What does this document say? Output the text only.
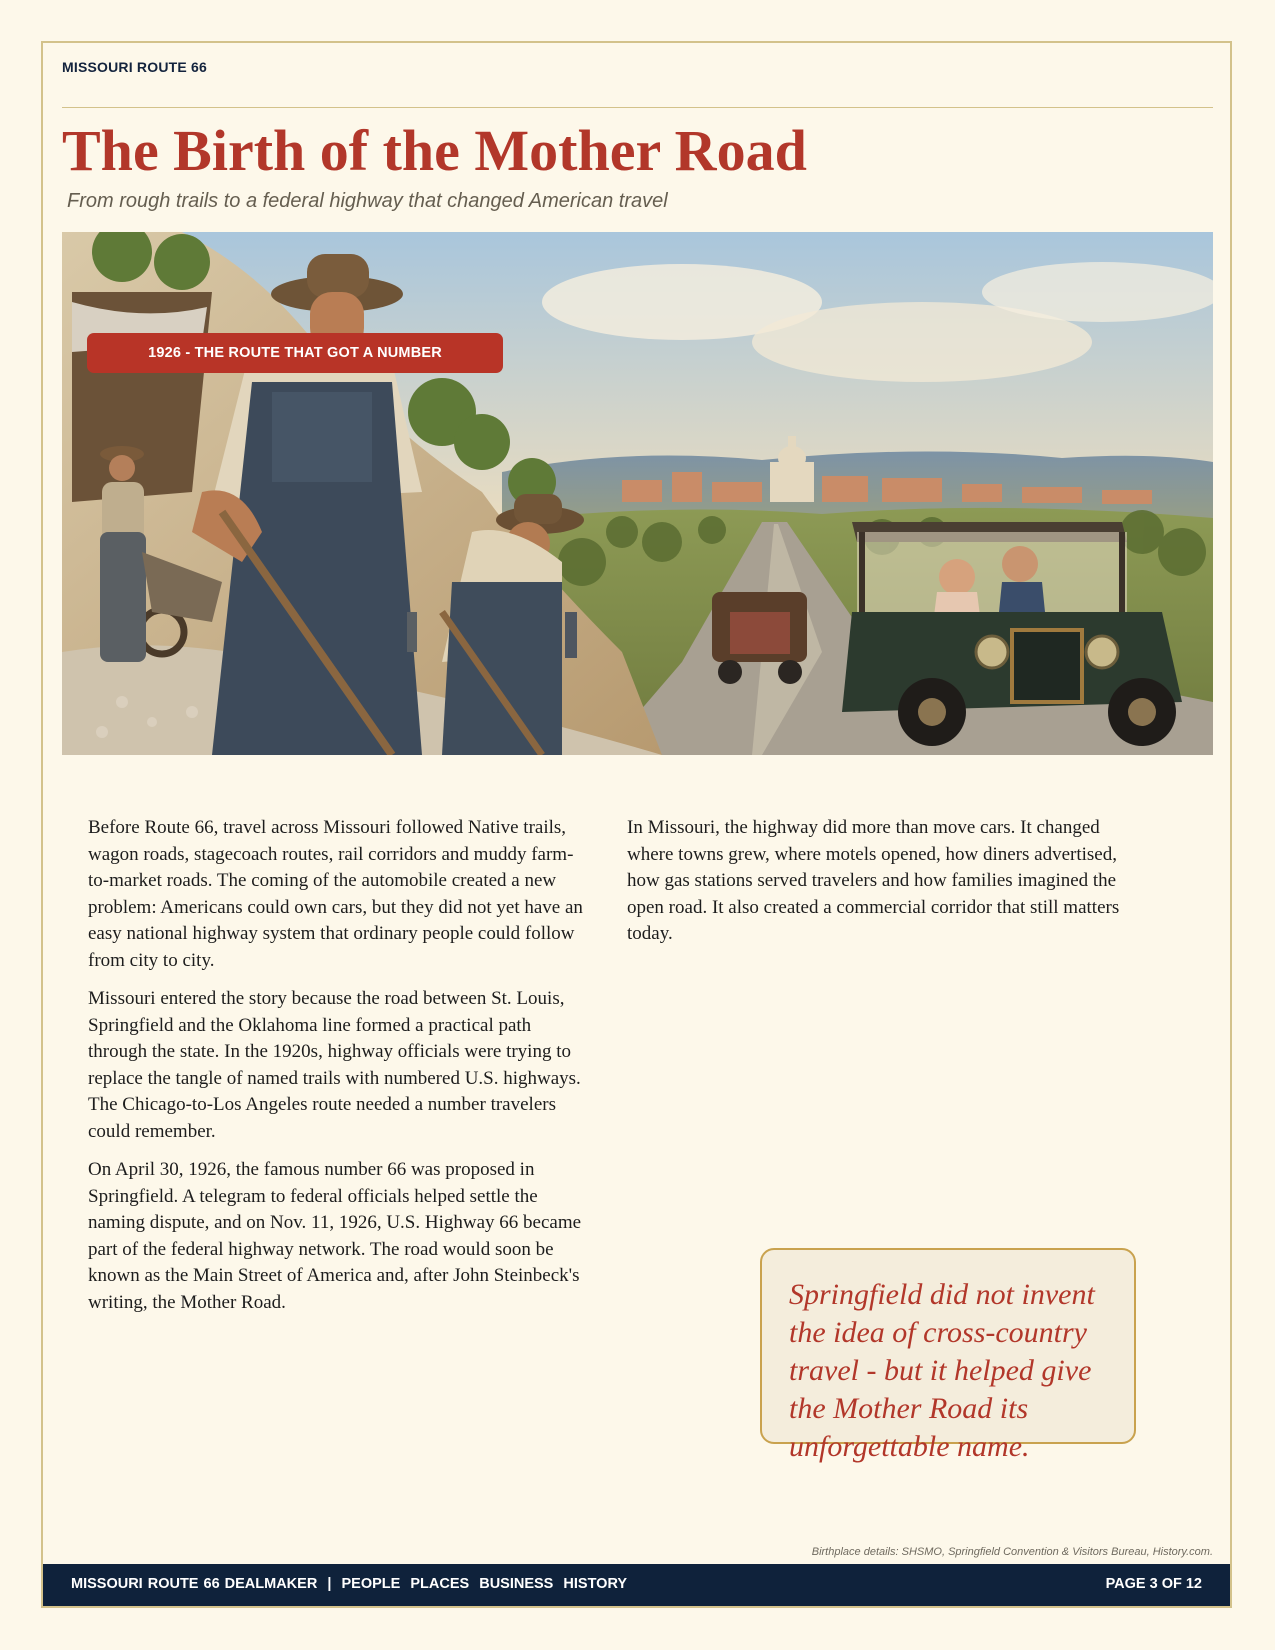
MISSOURI ROUTE 66
The Birth of the Mother Road
From rough trails to a federal highway that changed American travel
1926 - THE ROUTE THAT GOT A NUMBER

Before Route 66, travel across Missouri followed Native trails, wagon roads, stagecoach routes, rail corridors and muddy farm-to-market roads. The coming of the automobile created a new problem: Americans could own cars, but they did not yet have an easy national highway system that ordinary people could follow from city to city.

Missouri entered the story because the road between St. Louis, Springfield and the Oklahoma line formed a practical path through the state. In the 1920s, highway officials were trying to replace the tangle of named trails with numbered U.S. highways. The Chicago-to-Los Angeles route needed a number travelers could remember.

On April 30, 1926, the famous number 66 was proposed in Springfield. A telegram to federal officials helped settle the naming dispute, and on Nov. 11, 1926, U.S. Highway 66 became part of the federal highway network. The road would soon be known as the Main Street of America and, after John Steinbeck's writing, the Mother Road.

In Missouri, the highway did more than move cars. It changed where towns grew, where motels opened, how diners advertised, how gas stations served travelers and how families imagined the open road. It also created a commercial corridor that still matters today.

Springfield did not invent the idea of cross-country travel - but it helped give the Mother Road its unforgettable name.
Birthplace details: SHSMO, Springfield Convention & Visitors Bureau, History.com.
MISSOURI ROUTE 66 DEALMAKER  |  PEOPLE  PLACES  BUSINESS  HISTORY	PAGE 3 OF 12
